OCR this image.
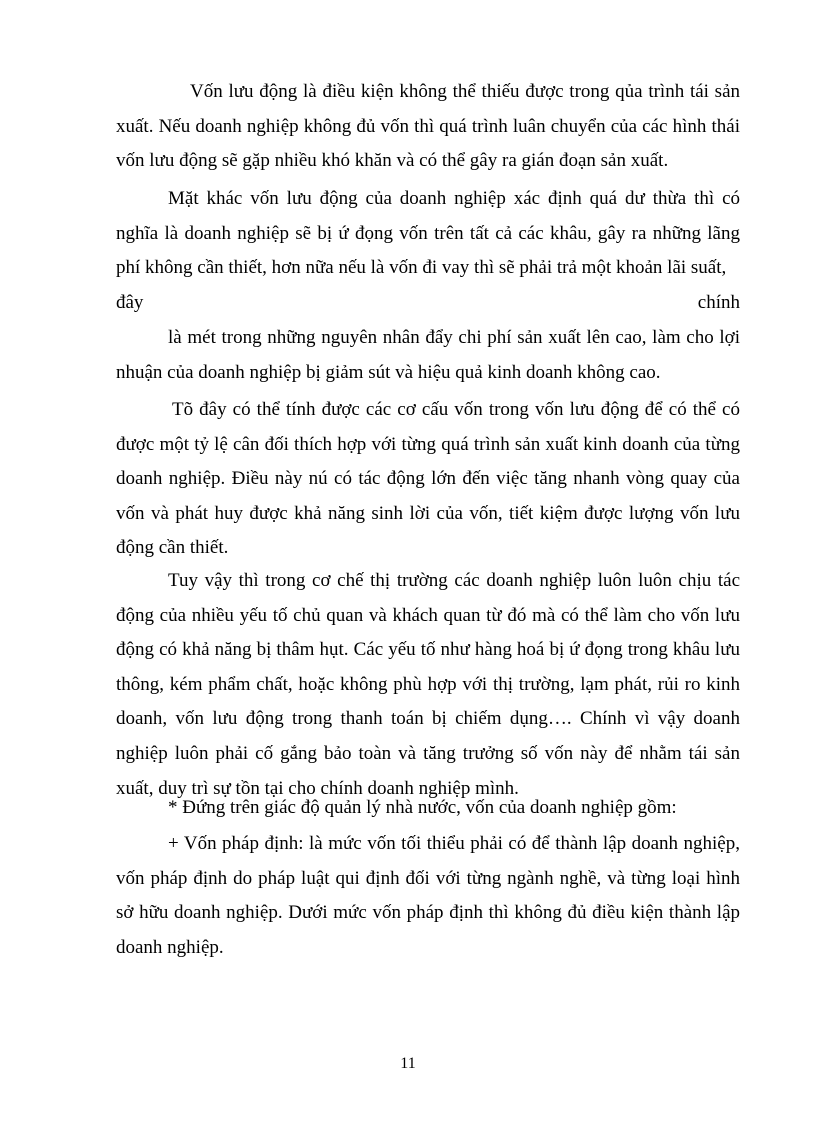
Vốn lưu động là điều kiện không thể thiếu được trong qủa trình tái sản xuất. Nếu doanh nghiệp không đủ vốn thì quá trình luân chuyển của các hình thái vốn lưu động sẽ gặp nhiều khó khăn và có thể gây ra gián đoạn sản xuất.

Mặt khác vốn lưu động của doanh nghiệp xác định quá dư thừa thì có nghĩa là doanh nghiệp sẽ bị ứ đọng vốn trên tất cả các khâu, gây ra những lãng phí không cần thiết, hơn nữa nếu là vốn đi vay thì sẽ phải trả một khoản lãi suất,
đây chính

là mét trong những nguyên nhân đẩy chi phí sản xuất lên cao, làm cho lợi nhuận của doanh nghiệp bị giảm sút và hiệu quả kinh doanh không cao.

Tõ đây có thể tính được các cơ cấu vốn trong vốn lưu động để có thể có được một tỷ lệ cân đối thích hợp với từng quá trình sản xuất kinh doanh của từng doanh nghiệp. Điều này nú có tác động lớn đến việc tăng nhanh vòng quay của vốn và phát huy được khả năng sinh lời của vốn, tiết kiệm được lượng vốn lưu động cần thiết.

Tuy vậy thì trong cơ chế thị trường các doanh nghiệp luôn luôn chịu tác động của nhiều yếu tố chủ quan và khách quan từ đó mà có thể làm cho vốn lưu động có khả năng bị thâm hụt. Các yếu tố như hàng hoá bị ứ đọng trong khâu lưu thông, kém phẩm chất, hoặc không phù hợp với thị trường, lạm phát, rủi ro kinh doanh, vốn lưu động trong thanh toán bị chiếm dụng…. Chính vì vậy doanh nghiệp luôn phải cố gắng bảo toàn và tăng trưởng số vốn này để nhằm tái sản xuất, duy trì sự tồn tại cho chính doanh nghiệp mình.

* Đứng trên giác độ quản lý nhà nước, vốn của doanh nghiệp gồm:

+ Vốn pháp định: là mức vốn tối thiểu phải có để thành lập doanh nghiệp, vốn pháp định do pháp luật qui định đối với từng ngành nghề, và từng loại hình sở hữu doanh nghiệp. Dưới mức vốn pháp định thì không đủ điều kiện thành lập doanh nghiệp.

11
